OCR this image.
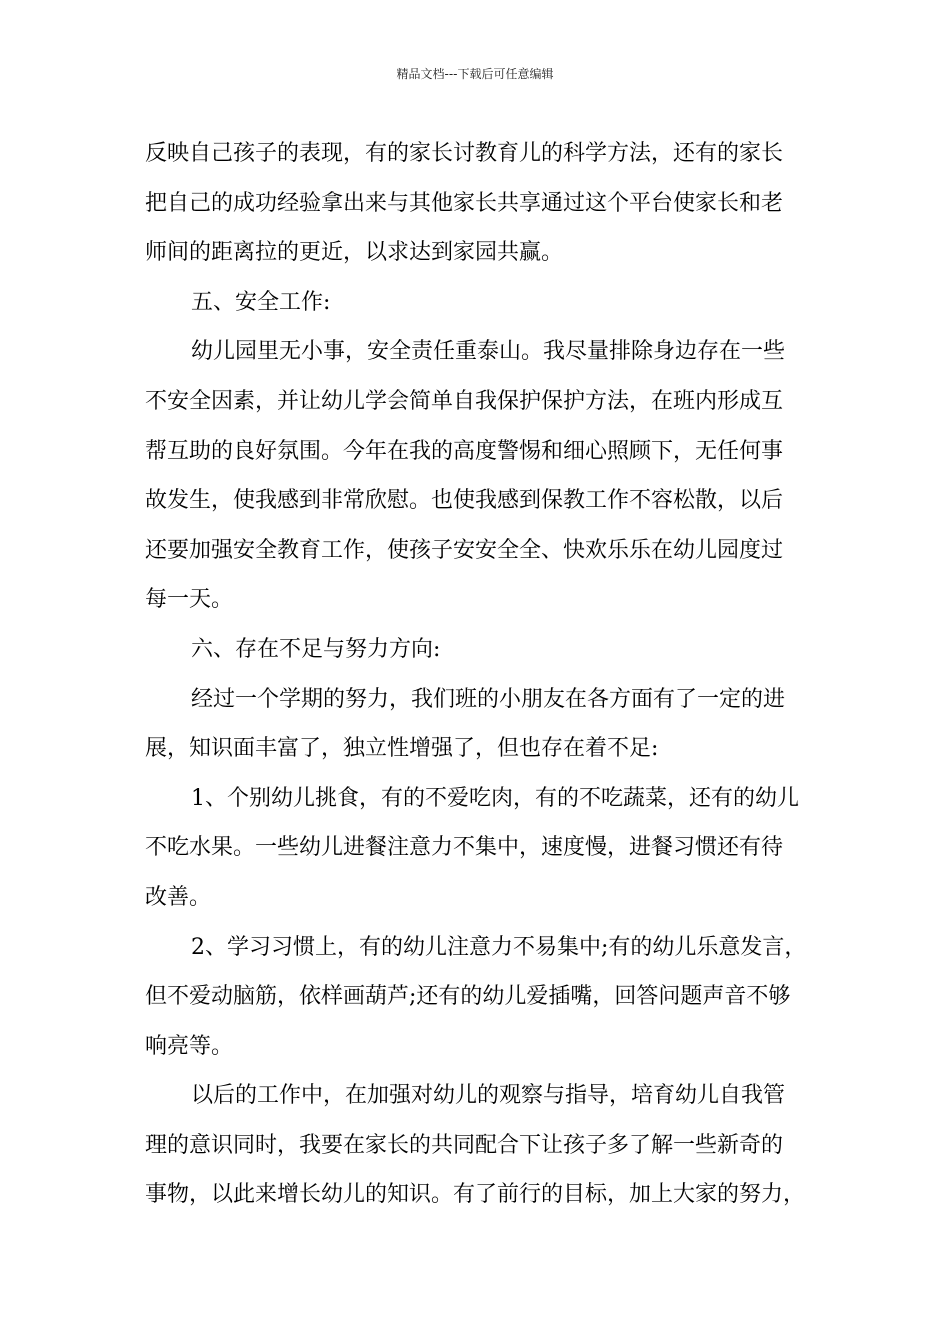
精品文档---下载后可任意编辑
反映自己孩子的表现，有的家长讨教育儿的科学方法，还有的家长
把自己的成功经验拿出来与其他家长共享通过这个平台使家长和老
师间的距离拉的更近，以求达到家园共赢。
五、安全工作:
幼儿园里无小事，安全责任重泰山。我尽量排除身边存在一些
不安全因素，并让幼儿学会简单自我保护保护方法，在班内形成互
帮互助的良好氛围。今年在我的高度警惕和细心照顾下，无任何事
故发生，使我感到非常欣慰。也使我感到保教工作不容松散，以后
还要加强安全教育工作，使孩子安安全全、快欢乐乐在幼儿园度过
每一天。
六、存在不足与努力方向:
经过一个学期的努力，我们班的小朋友在各方面有了一定的进
展，知识面丰富了，独立性增强了，但也存在着不足:
1、个别幼儿挑食，有的不爱吃肉，有的不吃蔬菜，还有的幼儿
不吃水果。一些幼儿进餐注意力不集中，速度慢，进餐习惯还有待
改善。
2、学习习惯上，有的幼儿注意力不易集中;有的幼儿乐意发言，
但不爱动脑筋，依样画葫芦;还有的幼儿爱插嘴，回答问题声音不够
响亮等。
以后的工作中，在加强对幼儿的观察与指导，培育幼儿自我管
理的意识同时，我要在家长的共同配合下让孩子多了解一些新奇的
事物，以此来增长幼儿的知识。有了前行的目标，加上大家的努力，
